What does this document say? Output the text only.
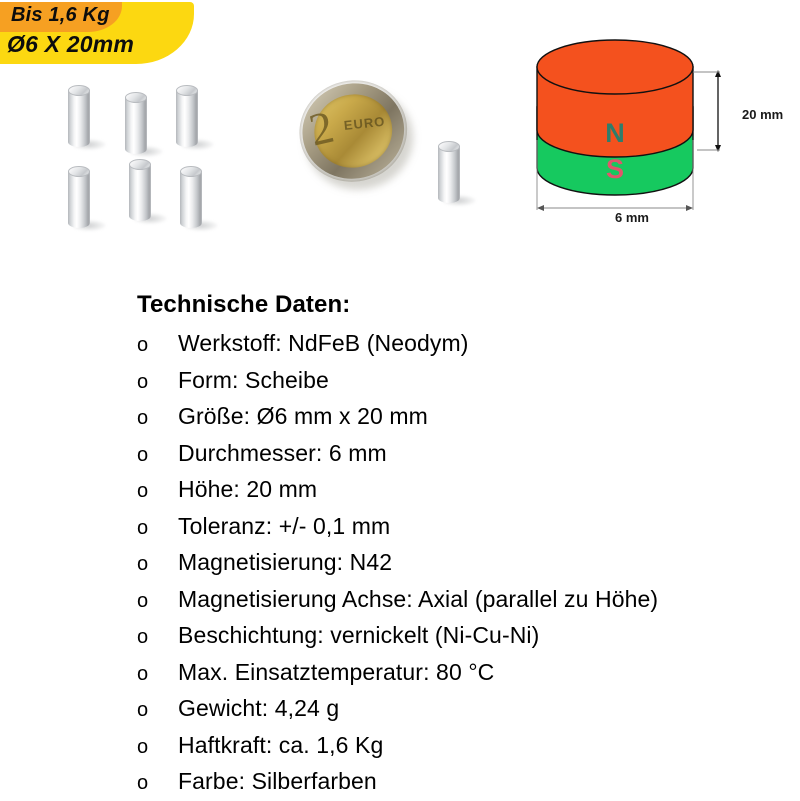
Bis 1,6 Kg
Ø6 X 20mm
2 EURO	N
S
20 mm
6 mm
Technische Daten:
o	Werkstoff: NdFeB (Neodym)
o	Form: Scheibe
o	Größe: Ø6 mm x 20 mm
o	Durchmesser: 6 mm
o	Höhe: 20 mm
o	Toleranz: +/- 0,1 mm
o	Magnetisierung: N42
o	Magnetisierung Achse: Axial (parallel zu Höhe)
o	Beschichtung: vernickelt (Ni-Cu-Ni)
o	Max. Einsatztemperatur: 80 °C
o	Gewicht: 4,24 g
o	Haftkraft: ca. 1,6 Kg
o	Farbe: Silberfarben
